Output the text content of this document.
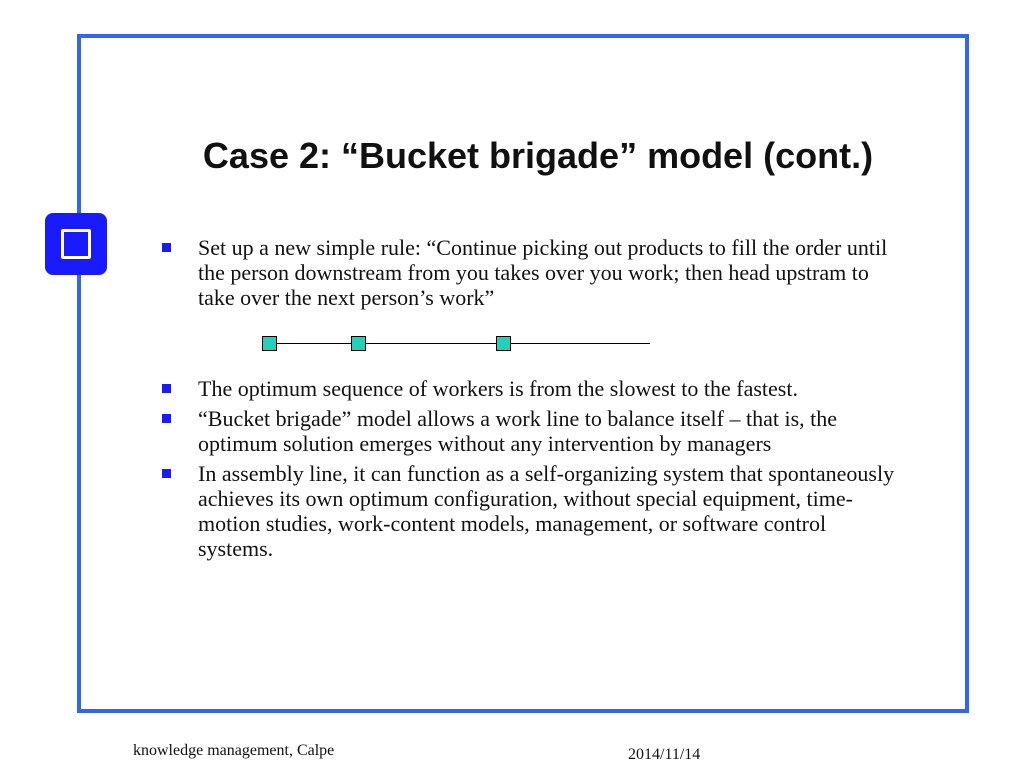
Case 2: “Bucket brigade” model (cont.)
Set up a new simple rule: “Continue picking out products to fill the order until the person downstream from you takes over you work; then head upstram to take over the next person’s work”
The optimum sequence of workers is from the slowest to the fastest.
“Bucket brigade” model allows a work line to balance itself – that is, the optimum solution emerges without any intervention by managers
In assembly line, it can function as a self-organizing system that spontaneously achieves its own optimum configuration, without special equipment, time-motion studies, work-content models, management, or software control systems.
knowledge management, Calpe	2014/11/14
